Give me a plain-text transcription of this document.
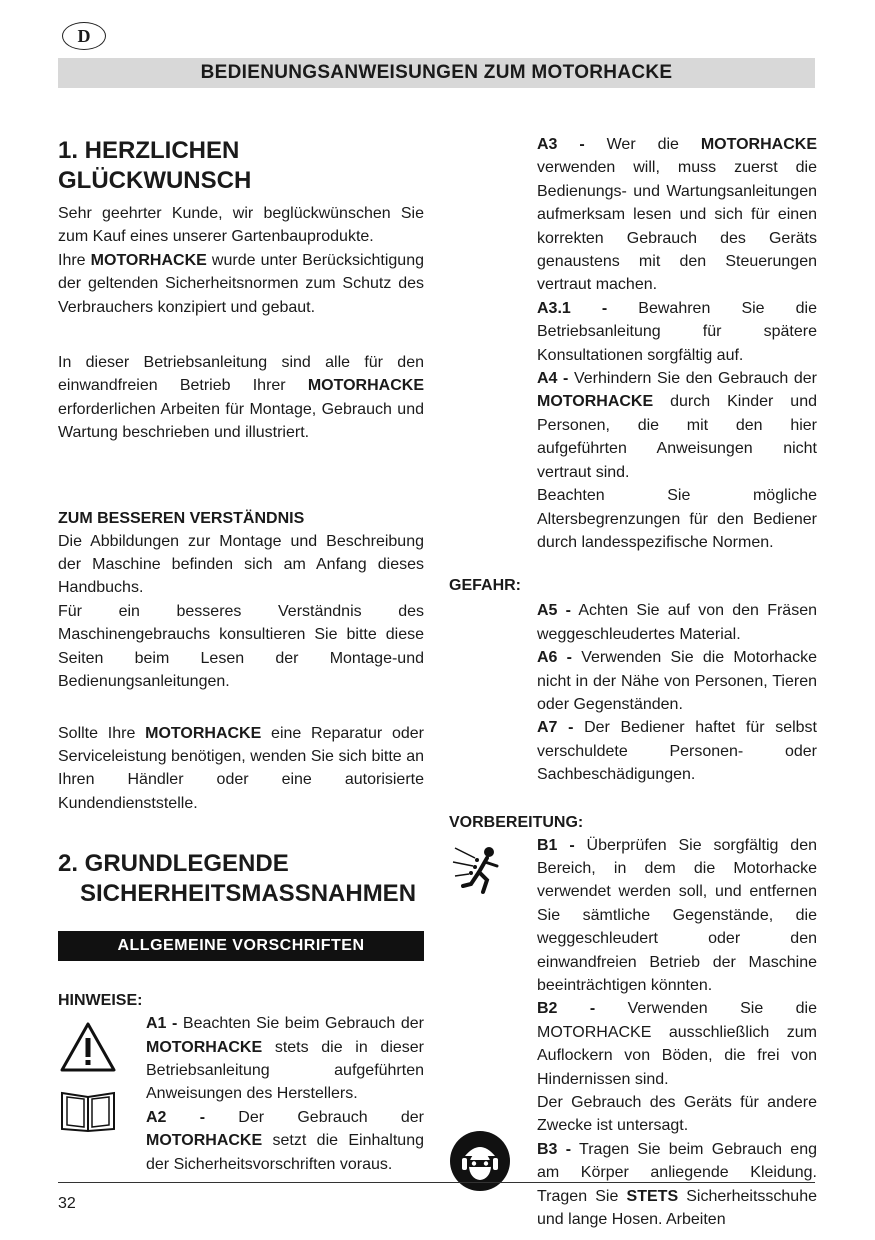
D
BEDIENUNGSANWEISUNGEN ZUM MOTORHACKE
1. HERZLICHEN GLÜCKWUNSCH

Sehr geehrter Kunde, wir beglückwünschen Sie zum Kauf eines unserer Gartenbauprodukte.
Ihre MOTORHACKE wurde unter Berücksichtigung der geltenden Sicherheitsnormen zum Schutz des Verbrauchers konzipiert und gebaut.

In dieser Betriebsanleitung sind alle für den einwandfreien Betrieb Ihrer MOTORHACKE erforderlichen Arbeiten für Montage, Gebrauch und Wartung beschrieben und illustriert.

ZUM BESSEREN VERSTÄNDNIS

Die Abbildungen zur Montage und Beschreibung der Maschine befinden sich am Anfang dieses Handbuchs.

Für ein besseres Verständnis des Maschinengebrauchs konsultieren Sie bitte diese Seiten beim Lesen der Montage-und Bedienungsanleitungen.

Sollte Ihre MOTORHACKE eine Reparatur oder Serviceleistung benötigen, wenden Sie sich bitte an Ihren Händler oder eine autorisierte Kundendienststelle.

2. GRUNDLEGENDE
SICHERHEITSMASSNAHMEN
ALLGEMEINE VORSCHRIFTEN

HINWEISE:

A1 - Beachten Sie beim Gebrauch der MOTORHACKE stets die in dieser Betriebsanleitung aufgeführten Anweisungen des Herstellers.

A2 - Der Gebrauch der MOTORHACKE setzt die Einhaltung der Sicherheitsvorschriften voraus.

A3 - Wer die MOTORHACKE verwenden will, muss zuerst die Bedienungs- und Wartungsanleitungen aufmerksam lesen und sich für einen korrekten Gebrauch des Geräts genaustens mit den Steuerungen vertraut machen.

A3.1 - Bewahren Sie die Betriebsanleitung für spätere Konsultationen sorgfältig auf.

A4 - Verhindern Sie den Gebrauch der MOTORHACKE durch Kinder und Personen, die mit den hier aufgeführten Anweisungen nicht vertraut sind.

Beachten Sie mögliche Altersbegrenzungen für den Bediener durch landesspezifische Normen.

GEFAHR:

A5 - Achten Sie auf von den Fräsen weggeschleudertes Material.

A6 - Verwenden Sie die Motorhacke nicht in der Nähe von Personen, Tieren oder Gegenständen.

A7 - Der Bediener haftet für selbst verschuldete Personen- oder Sachbeschädigungen.

VORBEREITUNG:

B1 - Überprüfen Sie sorgfältig den Bereich, in dem die Motorhacke verwendet werden soll, und entfernen Sie sämtliche Gegenstände, die weggeschleudert oder den einwandfreien Betrieb der Maschine beeinträchtigen könnten.

B2 - Verwenden Sie die MOTORHACKE ausschließlich zum Auflockern von Böden, die frei von Hindernissen sind.

Der Gebrauch des Geräts für andere Zwecke ist untersagt.

B3 - Tragen Sie beim Gebrauch eng am Körper anliegende Kleidung. Tragen Sie STETS Sicherheitsschuhe und lange Hosen. Arbeiten

32
